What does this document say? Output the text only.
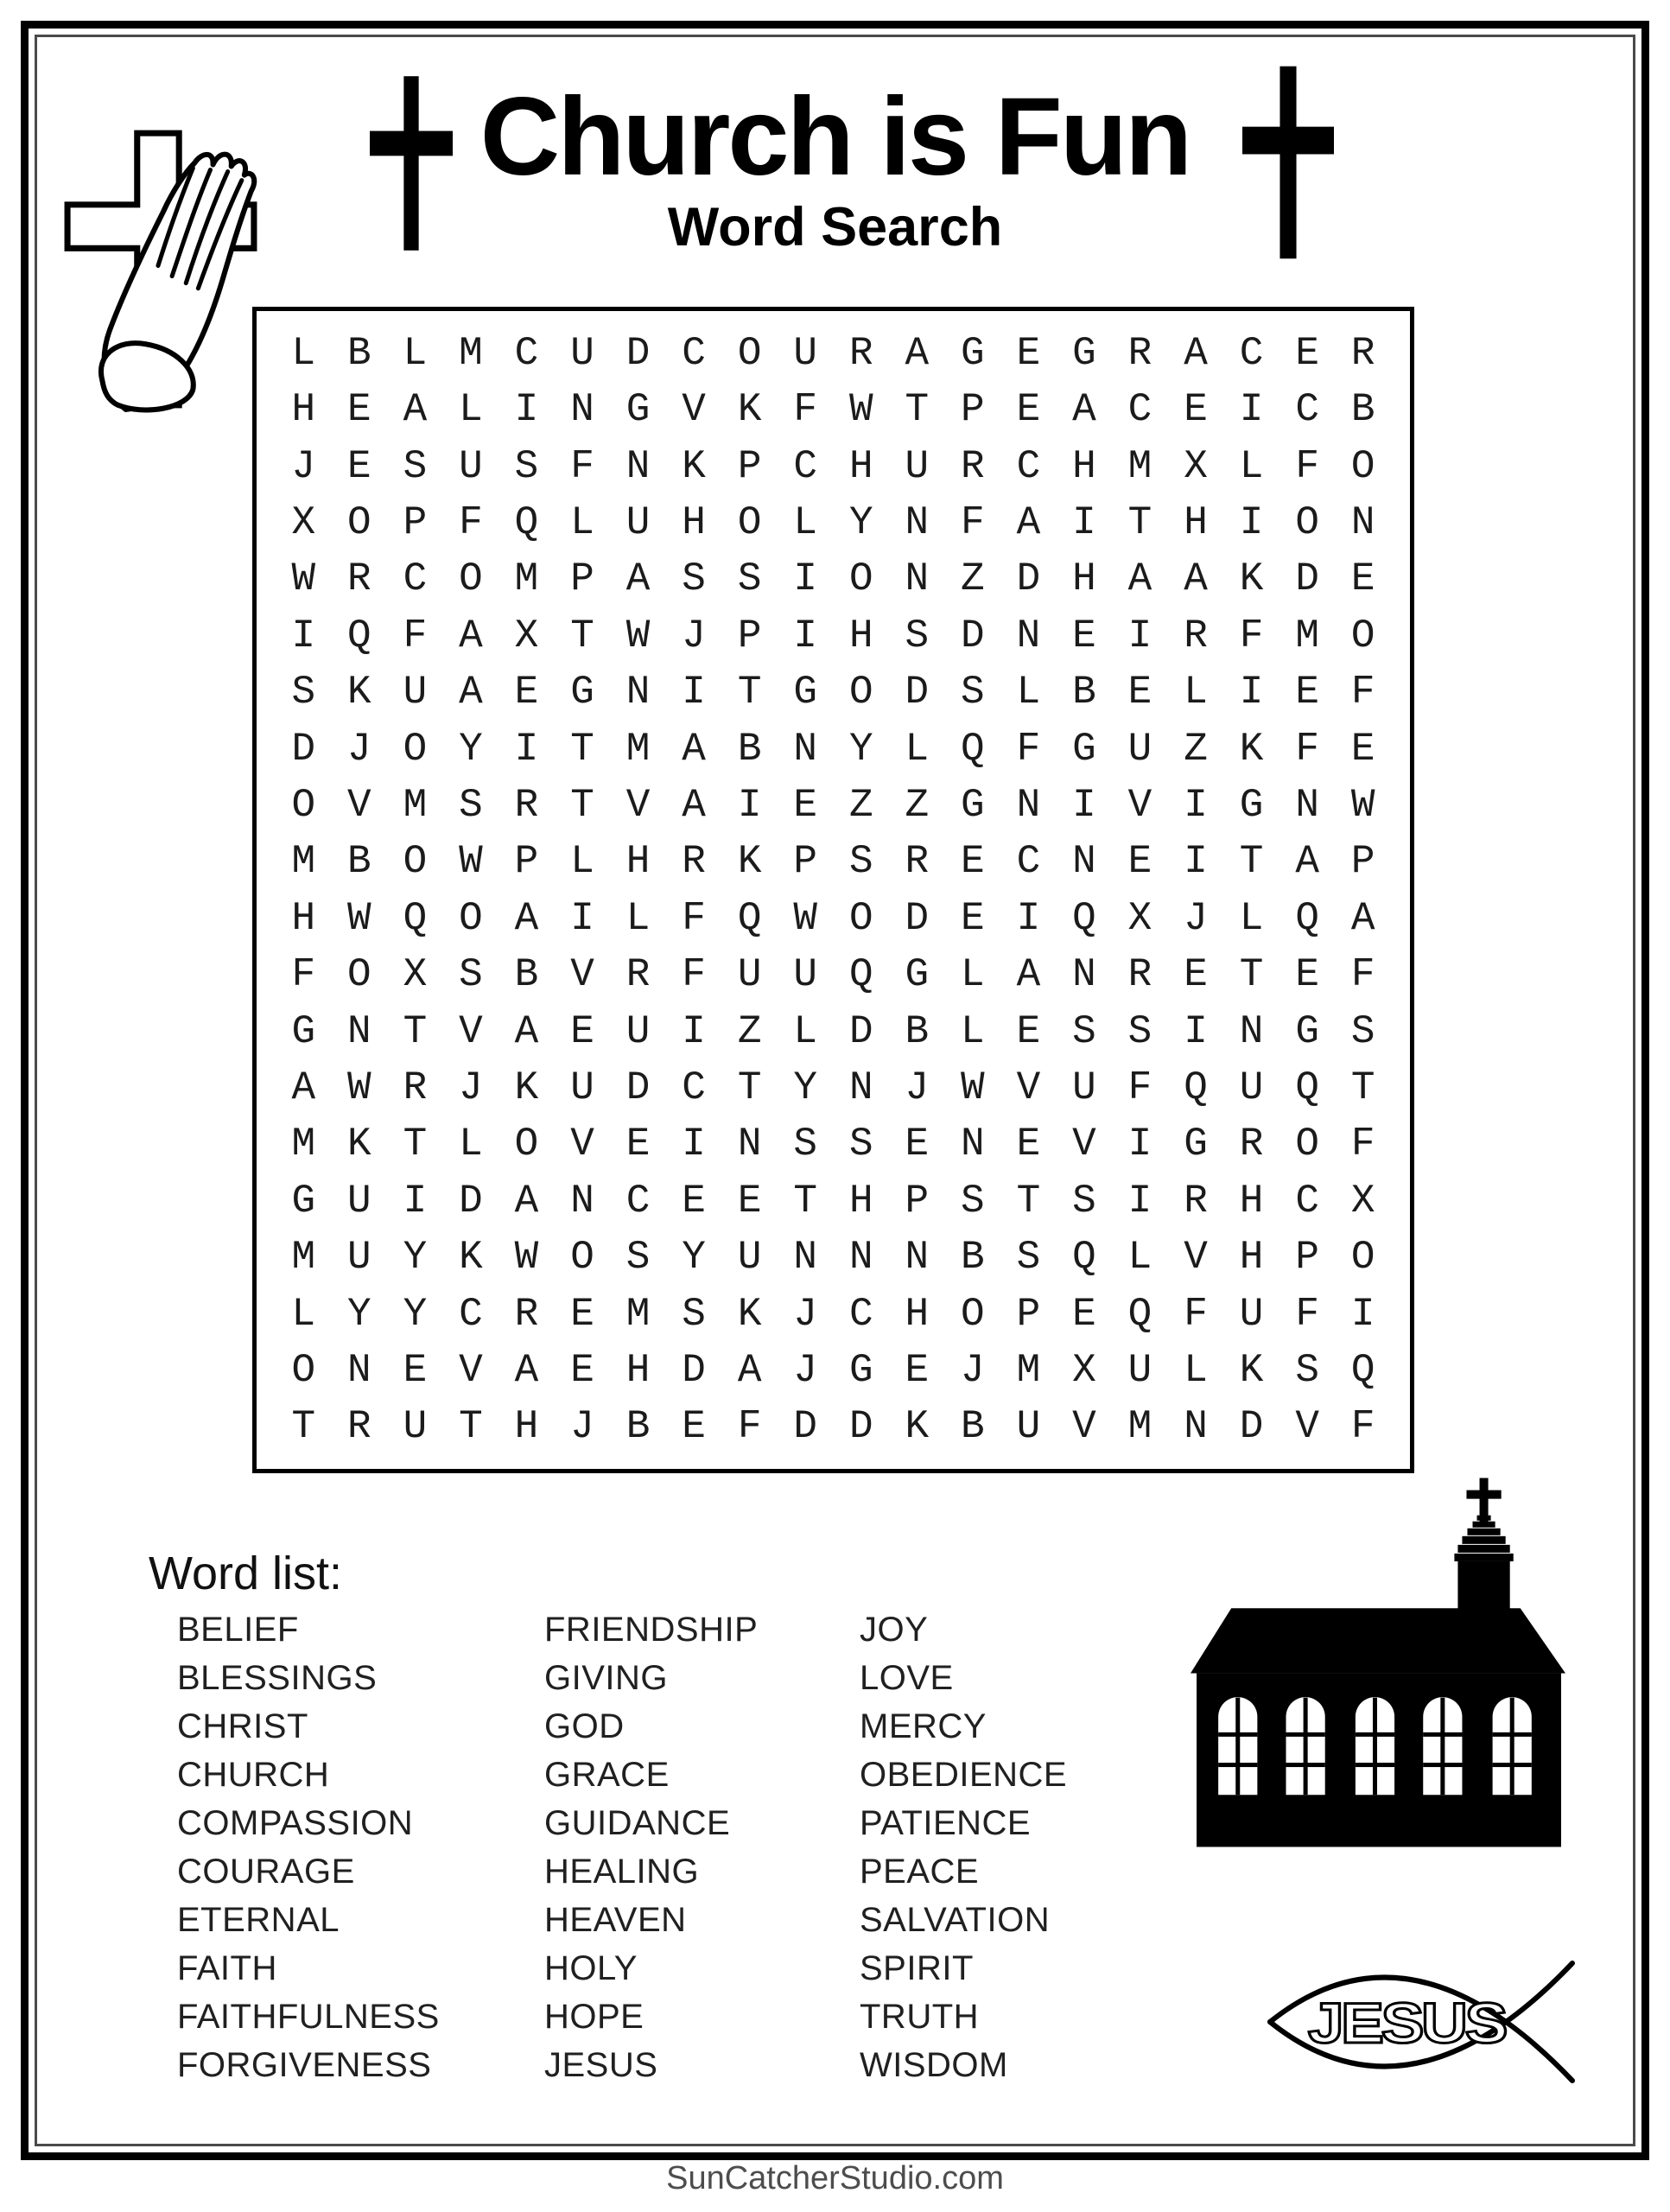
Church is Fun
Word Search
L B L M C U D C O U R A G E G R A C E R
H E A L I N G V K F W T P E A C E I C B
J E S U S F N K P C H U R C H M X L F O
X O P F Q L U H O L Y N F A I T H I O N
W R C O M P A S S I O N Z D H A A K D E
I Q F A X T W J P I H S D N E I R F M O
S K U A E G N I T G O D S L B E L I E F
D J O Y I T M A B N Y L Q F G U Z K F E
O V M S R T V A I E Z Z G N I V I G N W
M B O W P L H R K P S R E C N E I T A P
H W Q O A I L F Q W O D E I Q X J L Q A
F O X S B V R F U U Q G L A N R E T E F
G N T V A E U I Z L D B L E S S I N G S
A W R J K U D C T Y N J W V U F Q U Q T
M K T L O V E I N S S E N E V I G R O F
G U I D A N C E E T H P S T S I R H C X
M U Y K W O S Y U N N N B S Q L V H P O
L Y Y C R E M S K J C H O P E Q F U F I
O N E V A E H D A J G E J M X U L K S Q
T R U T H J B E F D D K B U V M N D V F
Word list:
BELIEF
BLESSINGS
CHRIST
CHURCH
COMPASSION
COURAGE
ETERNAL
FAITH
FAITHFULNESS
FORGIVENESS
FRIENDSHIP
GIVING
GOD
GRACE
GUIDANCE
HEALING
HEAVEN
HOLY
HOPE
JESUS
JOY
LOVE
MERCY
OBEDIENCE
PATIENCE
PEACE
SALVATION
SPIRIT
TRUTH
WISDOM
JESUS
SunCatcherStudio.com
